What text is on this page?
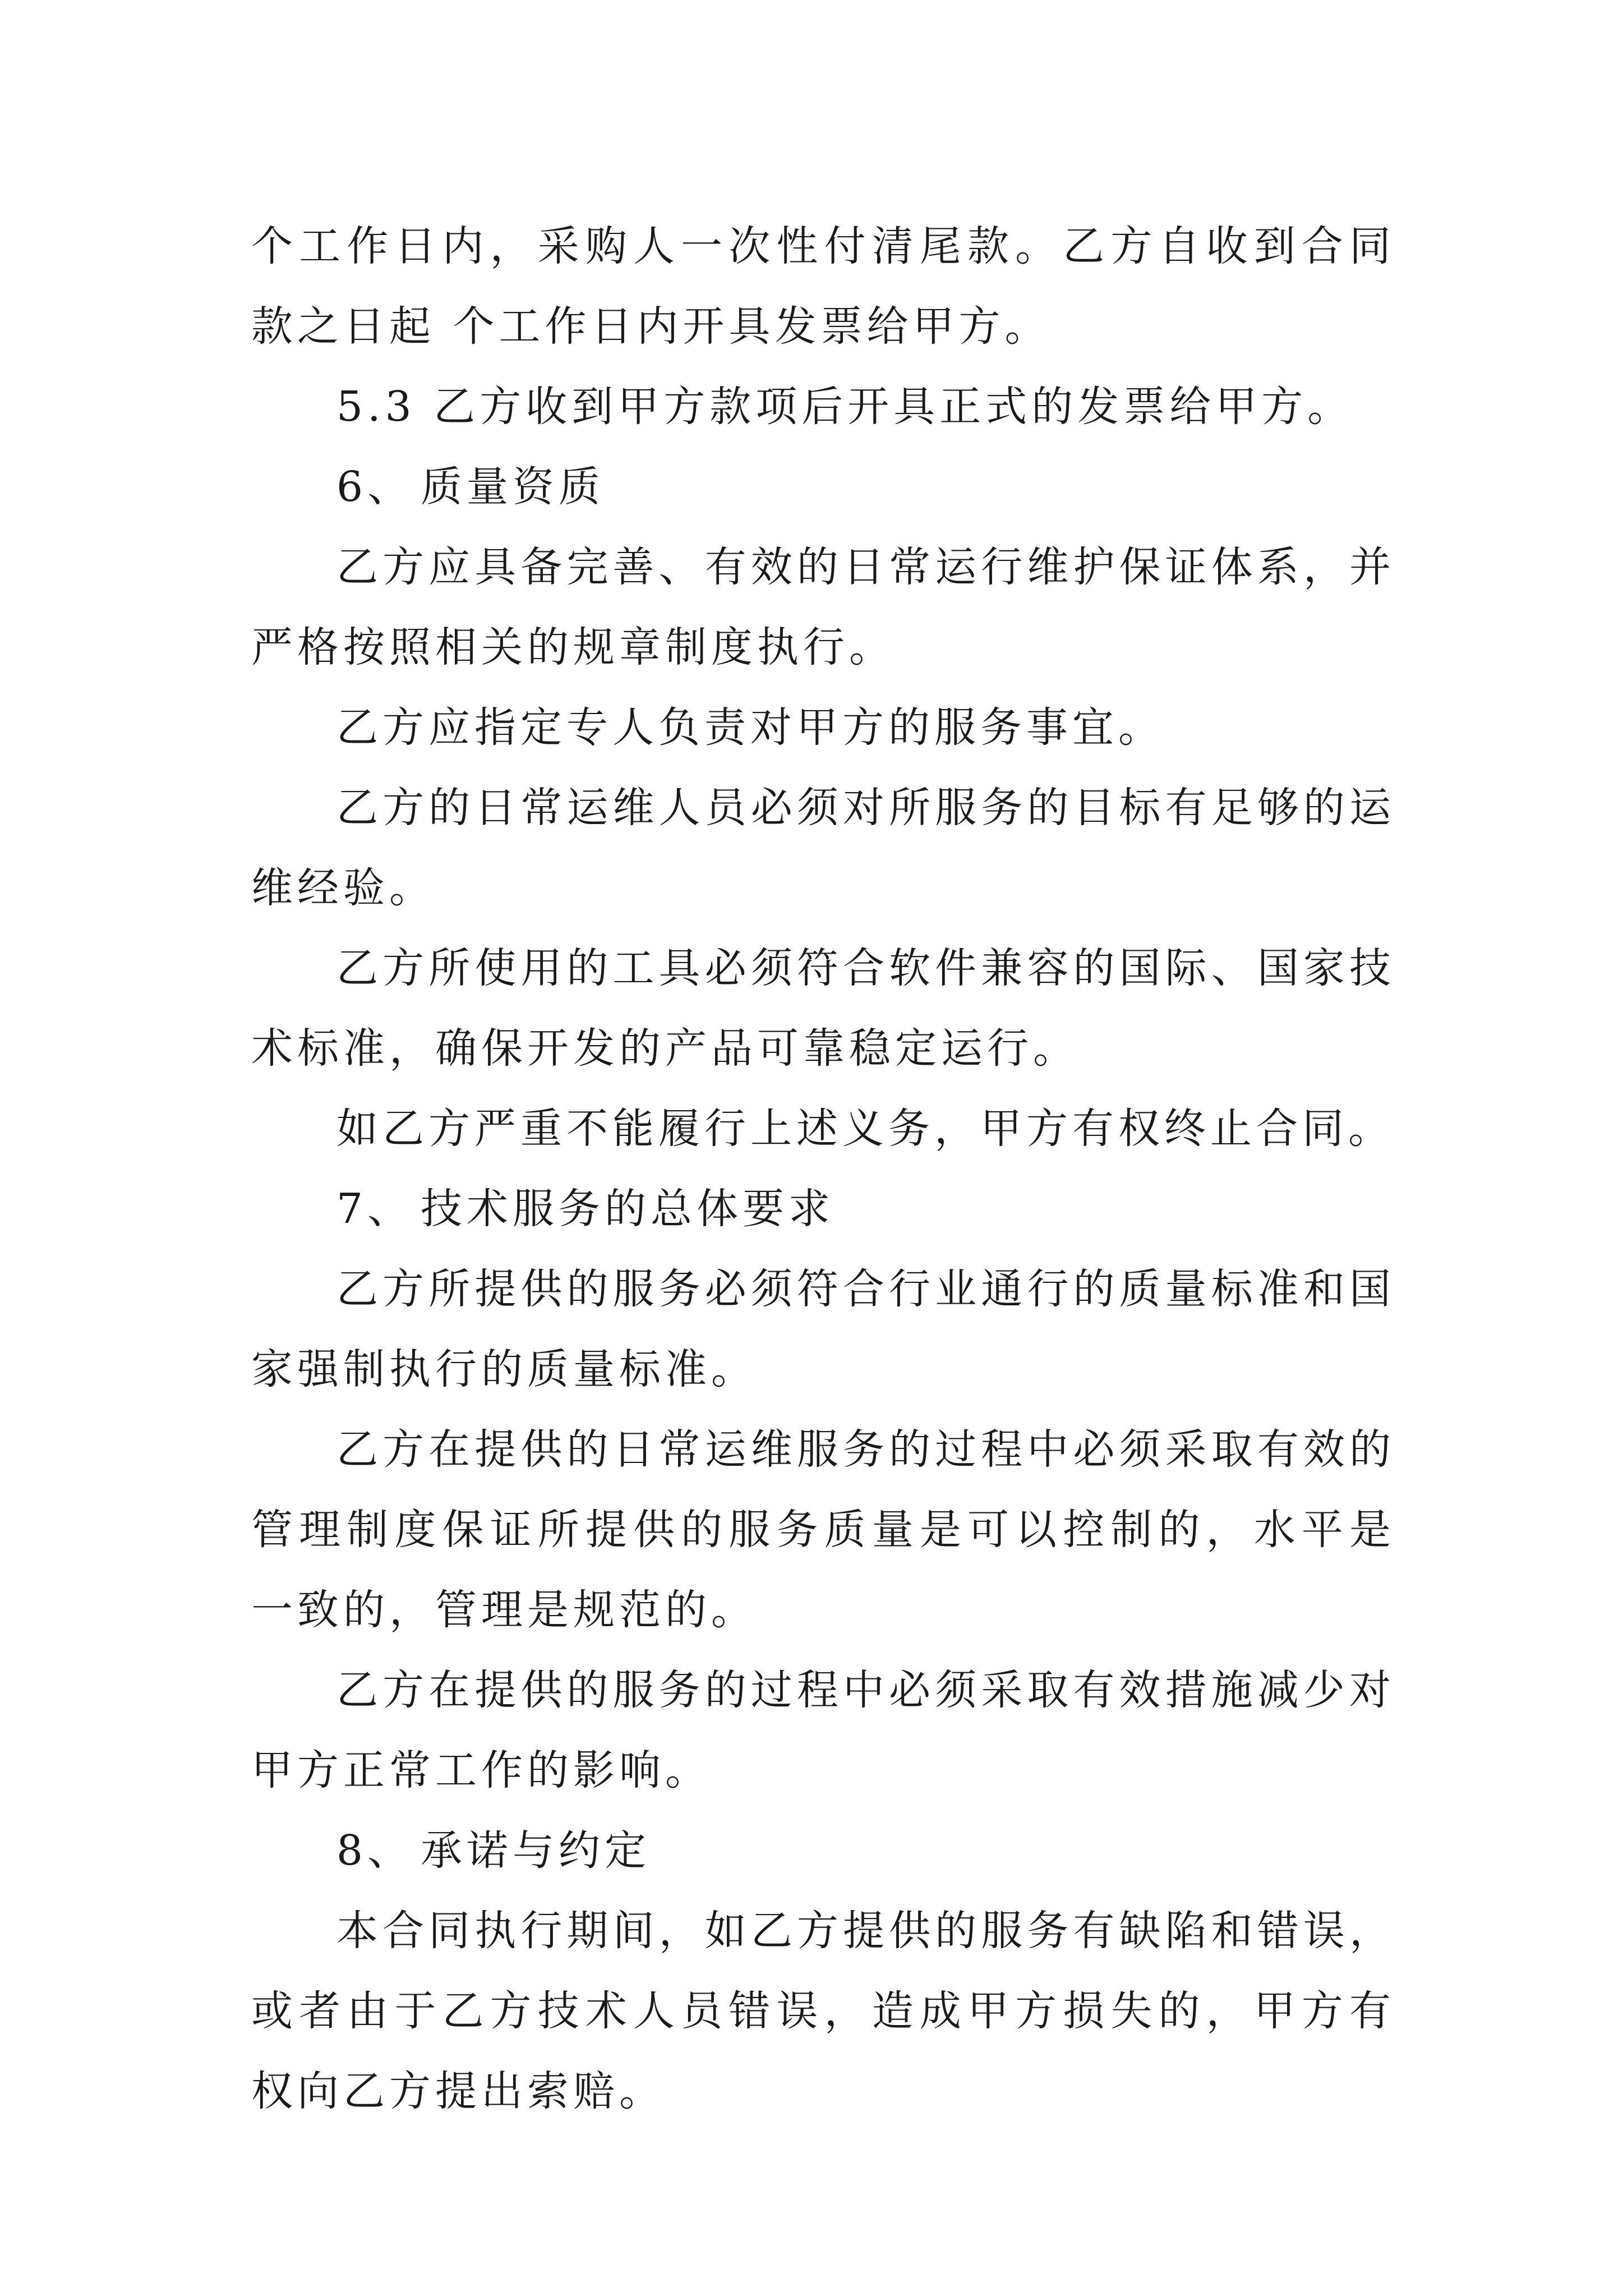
个工作日内，采购人一次性付清尾款。乙方自收到合同款之日起 个工作日内开具发票给甲方。

5.3 乙方收到甲方款项后开具正式的发票给甲方。

6、 质量资质

乙方应具备完善、有效的日常运行维护保证体系，并严格按照相关的规章制度执行。

乙方应指定专人负责对甲方的服务事宜。

乙方的日常运维人员必须对所服务的目标有足够的运维经验。

乙方所使用的工具必须符合软件兼容的国际、国家技术标准，确保开发的产品可靠稳定运行。

如乙方严重不能履行上述义务，甲方有权终止合同。

7、 技术服务的总体要求

乙方所提供的服务必须符合行业通行的质量标准和国家强制执行的质量标准。

乙方在提供的日常运维服务的过程中必须采取有效的管理制度保证所提供的服务质量是可以控制的，水平是一致的，管理是规范的。

乙方在提供的服务的过程中必须采取有效措施减少对甲方正常工作的影响。

8、 承诺与约定

本合同执行期间，如乙方提供的服务有缺陷和错误，或者由于乙方技术人员错误，造成甲方损失的，甲方有权向乙方提出索赔。
